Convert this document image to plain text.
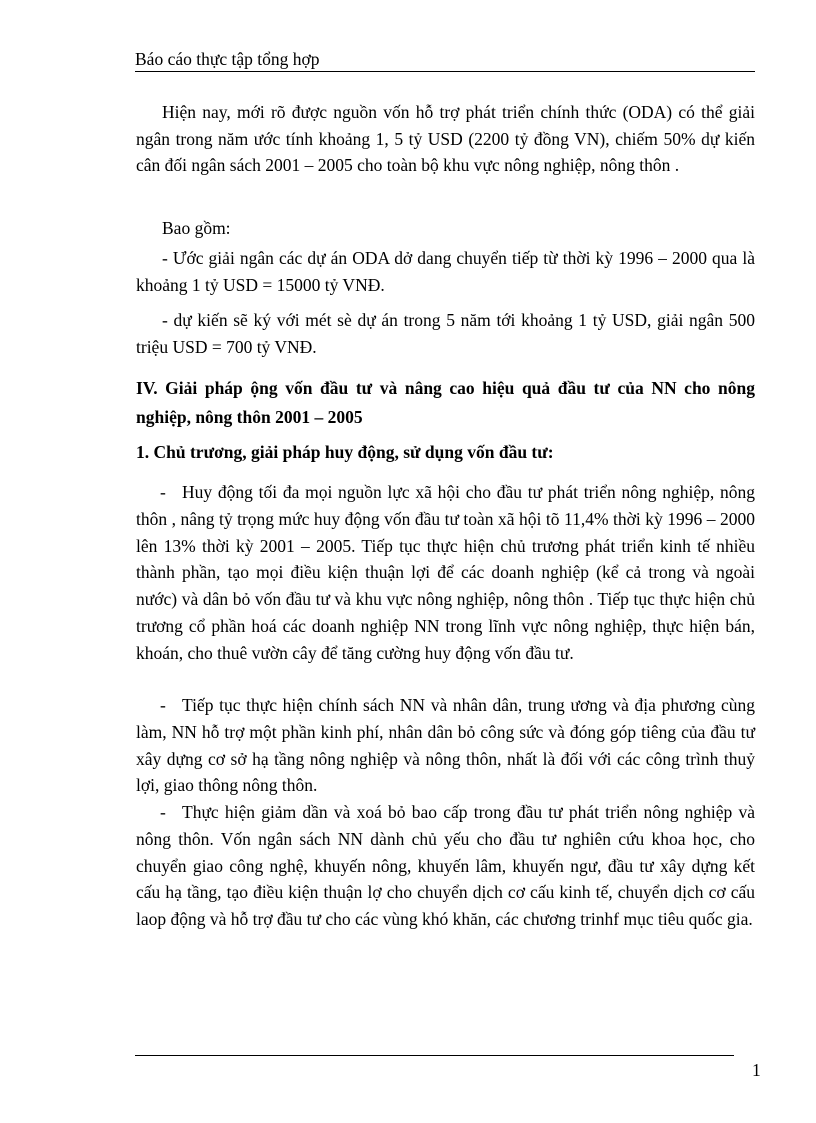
Báo cáo thực tập tổng hợp

Hiện nay, mới rõ được nguồn vốn hỗ trợ phát triển chính thức (ODA) có thể giải ngân trong năm ước tính khoảng 1, 5 tỷ USD (2200 tỷ đồng VN), chiếm 50% dự kiến cân đối ngân sách 2001 – 2005 cho toàn bộ khu vực nông nghiệp, nông thôn .

Bao gồm:

- Ước giải ngân các dự án ODA dở dang chuyển tiếp từ thời kỳ 1996 – 2000 qua là khoảng 1 tỷ USD = 15000 tỷ VNĐ.

- dự kiến sẽ ký với mét sè dự án trong 5 năm tới khoảng 1 tỷ USD, giải ngân 500 triệu USD = 700 tỷ VNĐ.

IV. Giải pháp ộng vốn đầu tư và nâng cao hiệu quả đầu tư của NN cho nông nghiệp, nông thôn 2001 – 2005

1. Chủ trương, giải pháp huy động, sử dụng vốn đầu tư:

- Huy động tối đa mọi nguồn lực xã hội cho đầu tư phát triển nông nghiệp, nông thôn , nâng tỷ trọng mức huy động vốn đầu tư toàn xã hội tõ 11,4% thời kỳ 1996 – 2000 lên 13% thời kỳ 2001 – 2005. Tiếp tục thực hiện chủ trương phát triển kinh tế nhiều thành phần, tạo mọi điều kiện thuận lợi để các doanh nghiệp (kể cả trong và ngoài nước) và dân bỏ vốn đầu tư và khu vực nông nghiệp, nông thôn . Tiếp tục thực hiện chủ trương cổ phần hoá các doanh nghiệp NN trong lĩnh vực nông nghiệp, thực hiện bán, khoán, cho thuê vườn cây để tăng cường huy động vốn đầu tư.

- Tiếp tục thực hiện chính sách NN và nhân dân, trung ương và địa phương cùng làm, NN hỗ trợ một phần kinh phí, nhân dân bỏ công sức và đóng góp tiêng của đầu tư xây dựng cơ sở hạ tầng nông nghiệp và nông thôn, nhất là đối với các công trình thuỷ lợi, giao thông nông thôn.

- Thực hiện giảm dần và xoá bỏ bao cấp trong đầu tư phát triển nông nghiệp và nông thôn. Vốn ngân sách NN dành chủ yếu cho đầu tư nghiên cứu khoa học, cho chuyển giao công nghệ, khuyến nông, khuyến lâm, khuyến ngư, đầu tư xây dựng kết cấu hạ tầng, tạo điều kiện thuận lợ cho chuyển dịch cơ cấu kinh tế, chuyển dịch cơ cấu laop động và hỗ trợ đầu tư cho các vùng khó khăn, các chương trinhf mục tiêu quốc gia.

1
